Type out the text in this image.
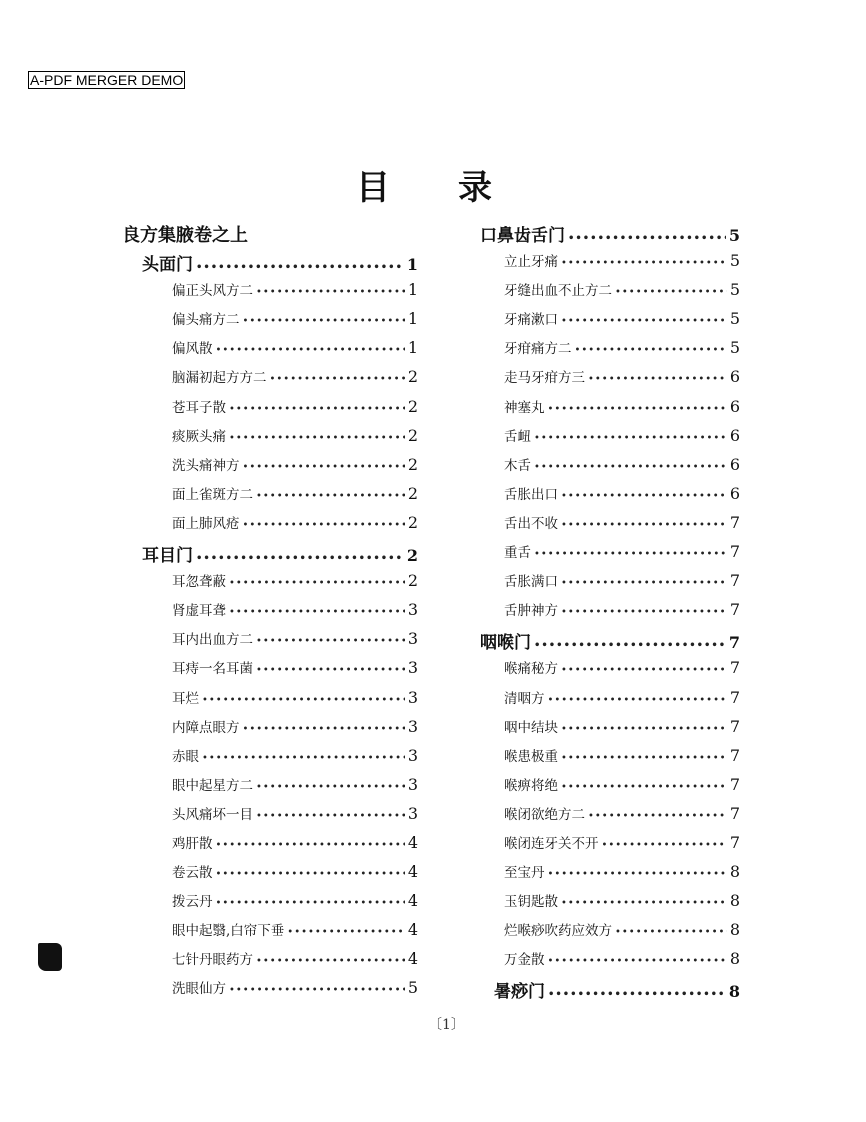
A-PDF MERGER DEMO
目 录
良方集腋卷之上
头面门 •••••	1
偏正头风方二 •••••	1
偏头痛方二 •••••	1
偏风散 •••••	1
脑漏初起方方二 •••••	2
苍耳子散 •••••	2
痰厥头痛 •••••	2
洗头痛神方 •••••	2
面上雀斑方二 •••••	2
面上肺风疮 •••••	2
耳目门 •••••	2
耳忽聋蔽 •••••	2
肾虚耳聋 •••••	3
耳内出血方二 •••••	3
耳痔一名耳菌 •••••	3
耳烂 •••••	3
内障点眼方 •••••	3
赤眼 •••••	3
眼中起星方二 •••••	3
头风痛坏一目 •••••	3
鸡肝散 •••••	4
卷云散 •••••	4
拨云丹 •••••	4
眼中起翳,白帘下垂 •••••	4
七针丹眼药方 •••••	4
洗眼仙方 •••••	5
口鼻齿舌门 •••••	5
立止牙痛 •••••	5
牙缝出血不止方二 •••••	5
牙痛漱口 •••••	5
牙疳痛方二 •••••	5
走马牙疳方三 •••••	6
神塞丸 •••••	6
舌衄 •••••	6
木舌 •••••	6
舌胀出口 •••••	6
舌出不收 •••••	7
重舌 •••••	7
舌胀满口 •••••	7
舌肿神方 •••••	7
咽喉门 •••••	7
喉痛秘方 •••••	7
清咽方 •••••	7
咽中结块 •••••	7
喉患极重 •••••	7
喉痹将绝 •••••	7
喉闭欲绝方二 •••••	7
喉闭连牙关不开 •••••	7
至宝丹 •••••	8
玉钥匙散 •••••	8
烂喉痧吹药应效方 •••••	8
万金散 •••••	8
暑痧门 •••••	8
〔1〕
